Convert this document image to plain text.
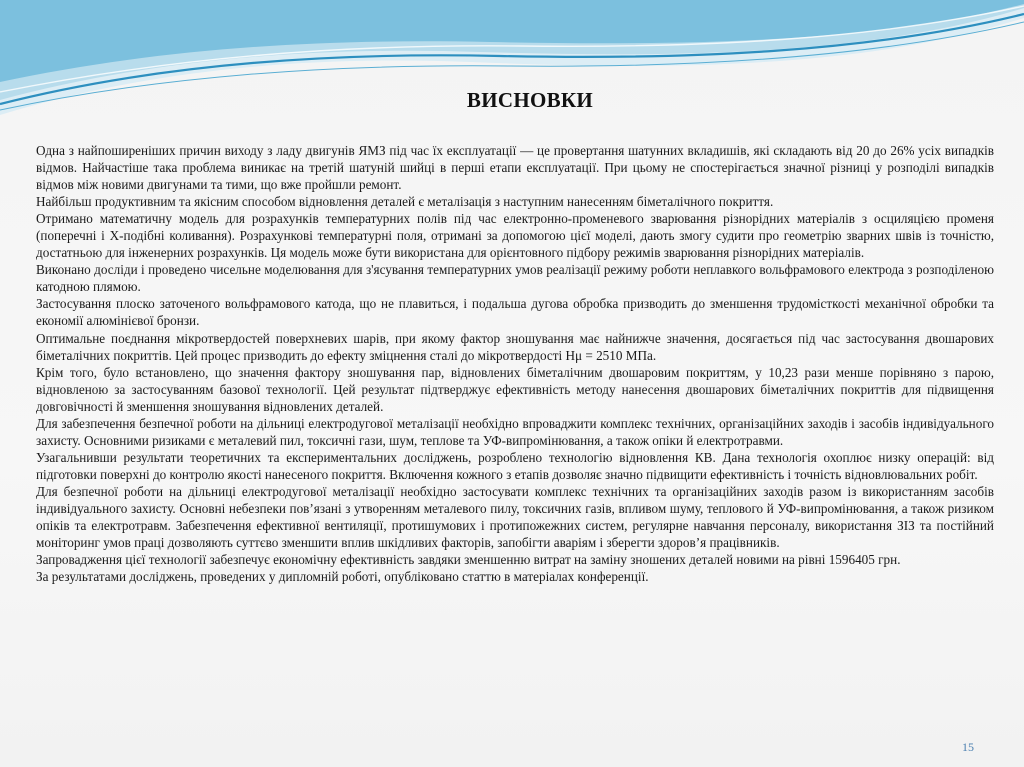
ВИСНОВКИ

Одна з найпоширеніших причин виходу з ладу двигунів ЯМЗ під час їх експлуатації — це провертання шатунних вкладишів, які складають від 20 до 26% усіх випадків відмов. Найчастіше така проблема виникає на третій шатуній шийці в перші етапи експлуатації. При цьому не спостерігається значної різниці у розподілі випадків відмов між новими двигунами та тими, що вже пройшли ремонт.

Найбільш продуктивним та якісним способом відновлення деталей є металізація з наступним нанесенням біметалічного покриття.

Отримано математичну модель для розрахунків температурних полів під час електронно-променевого зварювання різнорідних матеріалів з осциляцією променя (поперечні і Х-подібні коливання). Розрахункові температурні поля, отримані за допомогою цієї моделі, дають змогу судити про геометрію зварних швів із точністю, достатньою для інженерних розрахунків. Ця модель може бути використана для орієнтовного підбору режимів зварювання різнорідних матеріалів.

Виконано досліди і проведено чисельне моделювання для з'ясування температурних умов реалізації режиму роботи неплавкого вольфрамового електрода з розподіленою катодною плямою.

Застосування плоско заточеного вольфрамового катода, що не плавиться, і подальша дугова обробка призводить до зменшення трудомісткості механічної обробки та економії алюмінієвої бронзи.

Оптимальне поєднання мікротвердостей поверхневих шарів, при якому фактор зношування має найнижче значення, досягається під час застосування двошарових біметалічних покриттів. Цей процес призводить до ефекту зміцнення сталі до мікротвердості Нμ = 2510 МПа.

Крім того, було встановлено, що значення фактору зношування пар, відновлених біметалічним двошаровим покриттям, у 10,23 рази менше порівняно з парою, відновленою за застосуванням базової технології. Цей результат підтверджує ефективність методу нанесення двошарових біметалічних покриттів для підвищення довговічності й зменшення зношування відновлених деталей.

Для забезпечення безпечної роботи на дільниці електродугової металізації необхідно впроваджити комплекс технічних, організаційних заходів і засобів індивідуального захисту. Основними ризиками є металевий пил, токсичні гази, шум, теплове та УФ-випромінювання, а також опіки й електротравми.

Узагальнивши результати теоретичних та експериментальних досліджень, розроблено технологію відновлення КВ. Дана технологія охоплює низку операцій: від підготовки поверхні до контролю якості нанесеного покриття. Включення кожного з етапів дозволяє значно підвищити ефективність і точність відновлювальних робіт.

Для безпечної роботи на дільниці електродугової металізації необхідно застосувати комплекс технічних та організаційних заходів разом із використанням засобів індивідуального захисту. Основні небезпеки пов’язані з утворенням металевого пилу, токсичних газів, впливом шуму, теплового й УФ-випромінювання, а також ризиком опіків та електротравм. Забезпечення ефективної вентиляції, протишумових і протипожежних систем, регулярне навчання персоналу, використання ЗІЗ та постійний моніторинг умов праці дозволяють суттєво зменшити вплив шкідливих факторів, запобігти аваріям і зберегти здоров’я працівників.

Запровадження цієї технології забезпечує економічну ефективність завдяки зменшенню витрат на заміну зношених деталей новими на рівні 1596405 грн.

За результатами досліджень, проведених у дипломній роботі, опубліковано статтю в матеріалах конференції.

15
